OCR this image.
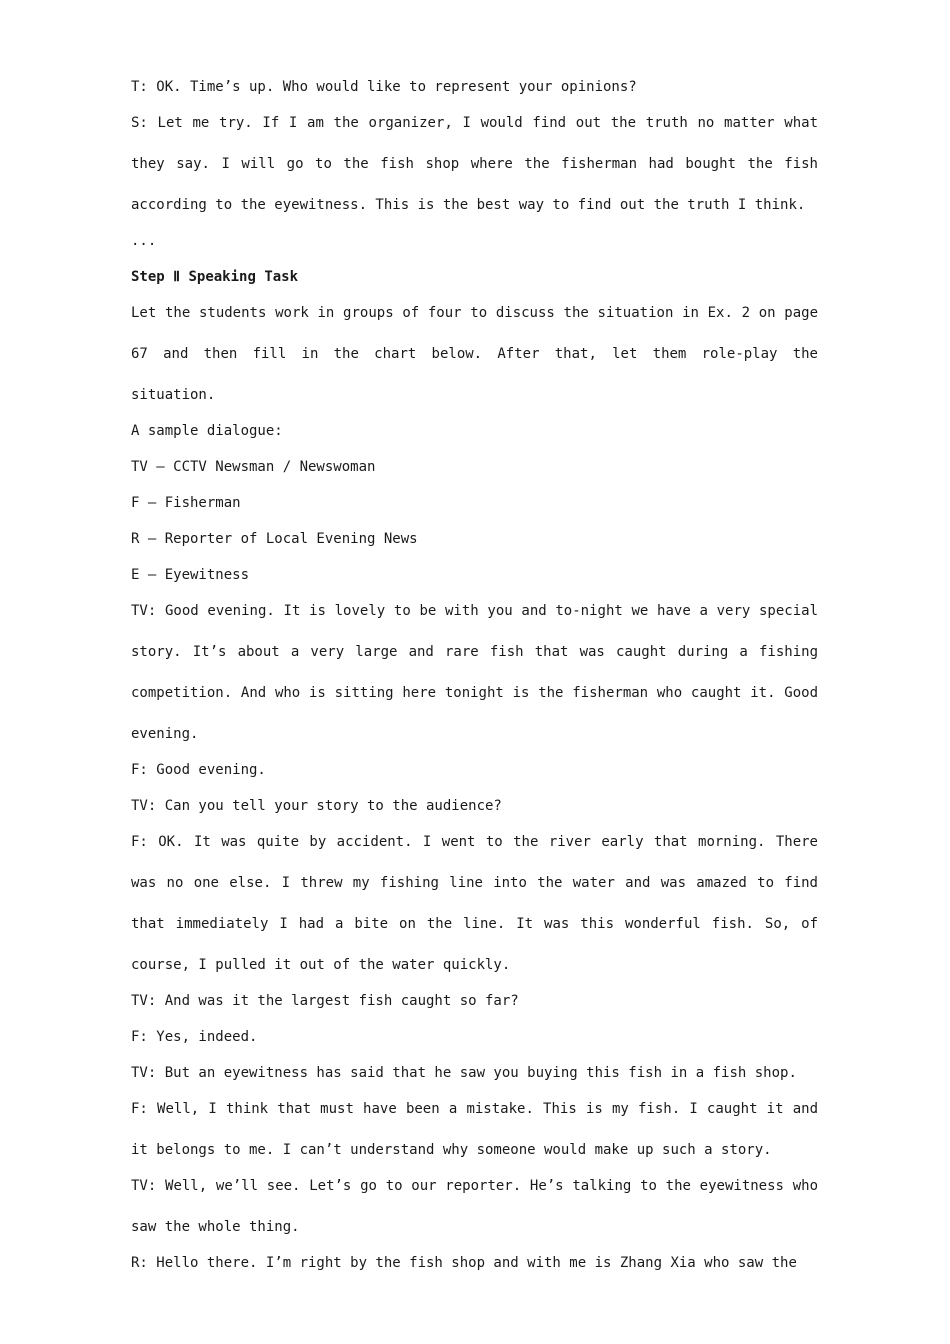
T: OK. Time’s up. Who would like to represent your opinions?

S: Let me try. If I am the organizer, I would find out the truth no matter what they say. I will go to the fish shop where the fisherman had bought the fish according to the eyewitness. This is the best way to find out the truth I think.

...

Step Ⅱ Speaking Task

Let the students work in groups of four to discuss the situation in Ex. 2 on page 67 and then fill in the chart below. After that, let them role-play the situation.

A sample dialogue:

TV — CCTV Newsman / Newswoman

F — Fisherman

R — Reporter of Local Evening News

E — Eyewitness

TV: Good evening. It is lovely to be with you and to-night we have a very special story. It’s about a very large and rare fish that was caught during a fishing competition. And who is sitting here tonight is the fisherman who caught it. Good evening.

F: Good evening.

TV: Can you tell your story to the audience?

F: OK. It was quite by accident. I went to the river early that morning. There was no one else. I threw my fishing line into the water and was amazed to find that immediately I had a bite on the line. It was this wonderful fish. So, of course, I pulled it out of the water quickly.

TV: And was it the largest fish caught so far?

F: Yes, indeed.

TV: But an eyewitness has said that he saw you buying this fish in a fish shop.

F: Well, I think that must have been a mistake. This is my fish. I caught it and it belongs to me. I can’t understand why someone would make up such a story.

TV: Well, we’ll see. Let’s go to our reporter. He’s talking to the eyewitness who saw the whole thing.

R: Hello there. I’m right by the fish shop and with me is Zhang Xia who saw the
